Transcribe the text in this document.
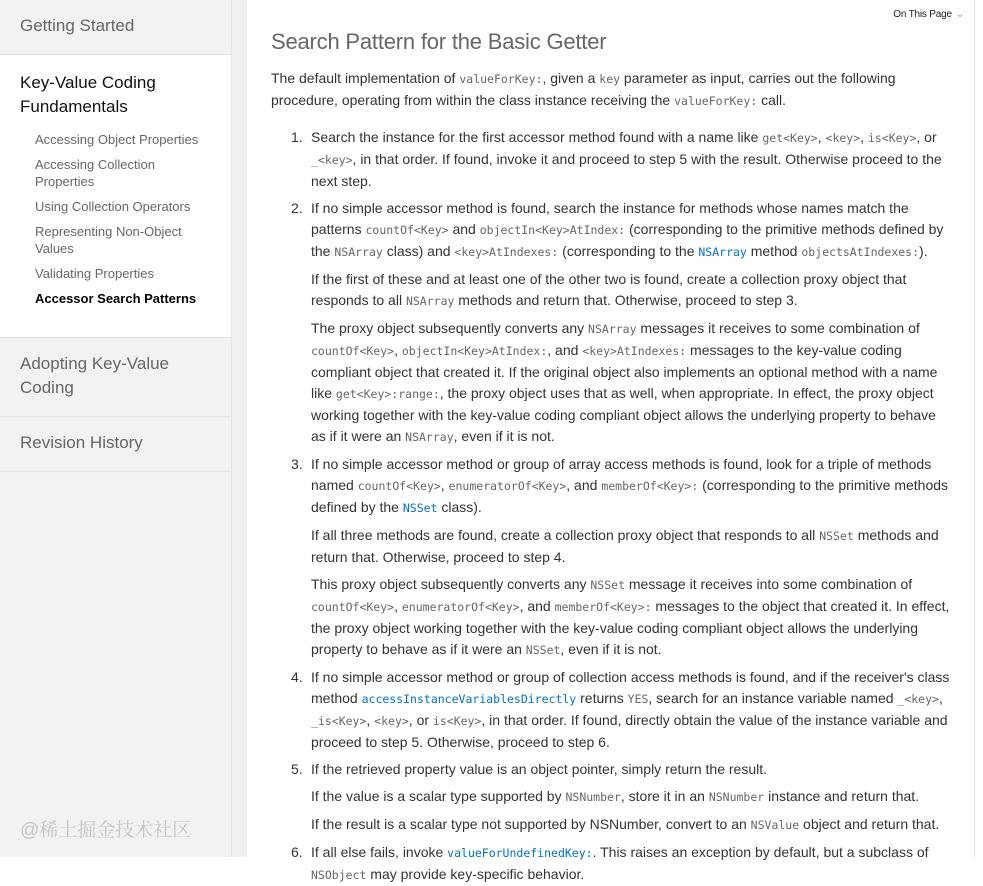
Getting Started
Key-Value Coding Fundamentals
Accessing Object Properties
Accessing Collection Properties
Using Collection Operators
Representing Non-Object Values
Validating Properties
Accessor Search Patterns
Adopting Key-Value Coding
Revision History
On This Page ⌄
Search Pattern for the Basic Getter

The default implementation of valueForKey:, given a key parameter as input, carries out the following procedure, operating from within the class instance receiving the valueForKey: call.

1. Search the instance for the first accessor method found with a name like get<Key>, <key>, is<Key>, or _<key>, in that order. If found, invoke it and proceed to step 5 with the result. Otherwise proceed to the next step.

2. If no simple accessor method is found, search the instance for methods whose names match the patterns countOf<Key> and objectIn<Key>AtIndex: (corresponding to the primitive methods defined by the NSArray class) and <key>AtIndexes: (corresponding to the NSArray method objectsAtIndexes:).

If the first of these and at least one of the other two is found, create a collection proxy object that responds to all NSArray methods and return that. Otherwise, proceed to step 3.

The proxy object subsequently converts any NSArray messages it receives to some combination of countOf<Key>, objectIn<Key>AtIndex:, and <key>AtIndexes: messages to the key-value coding compliant object that created it. If the original object also implements an optional method with a name like get<Key>:range:, the proxy object uses that as well, when appropriate. In effect, the proxy object working together with the key-value coding compliant object allows the underlying property to behave as if it were an NSArray, even if it is not.

3. If no simple accessor method or group of array access methods is found, look for a triple of methods named countOf<Key>, enumeratorOf<Key>, and memberOf<Key>: (corresponding to the primitive methods defined by the NSSet class).

If all three methods are found, create a collection proxy object that responds to all NSSet methods and return that. Otherwise, proceed to step 4.

This proxy object subsequently converts any NSSet message it receives into some combination of countOf<Key>, enumeratorOf<Key>, and memberOf<Key>: messages to the object that created it. In effect, the proxy object working together with the key-value coding compliant object allows the underlying property to behave as if it were an NSSet, even if it is not.

4. If no simple accessor method or group of collection access methods is found, and if the receiver's class method accessInstanceVariablesDirectly returns YES, search for an instance variable named _<key>, _is<Key>, <key>, or is<Key>, in that order. If found, directly obtain the value of the instance variable and proceed to step 5. Otherwise, proceed to step 6.

5. If the retrieved property value is an object pointer, simply return the result.

If the value is a scalar type supported by NSNumber, store it in an NSNumber instance and return that.

If the result is a scalar type not supported by NSNumber, convert to an NSValue object and return that.

6. If all else fails, invoke valueForUndefinedKey:. This raises an exception by default, but a subclass of NSObject may provide key-specific behavior.

@稀土掘金技术社区
